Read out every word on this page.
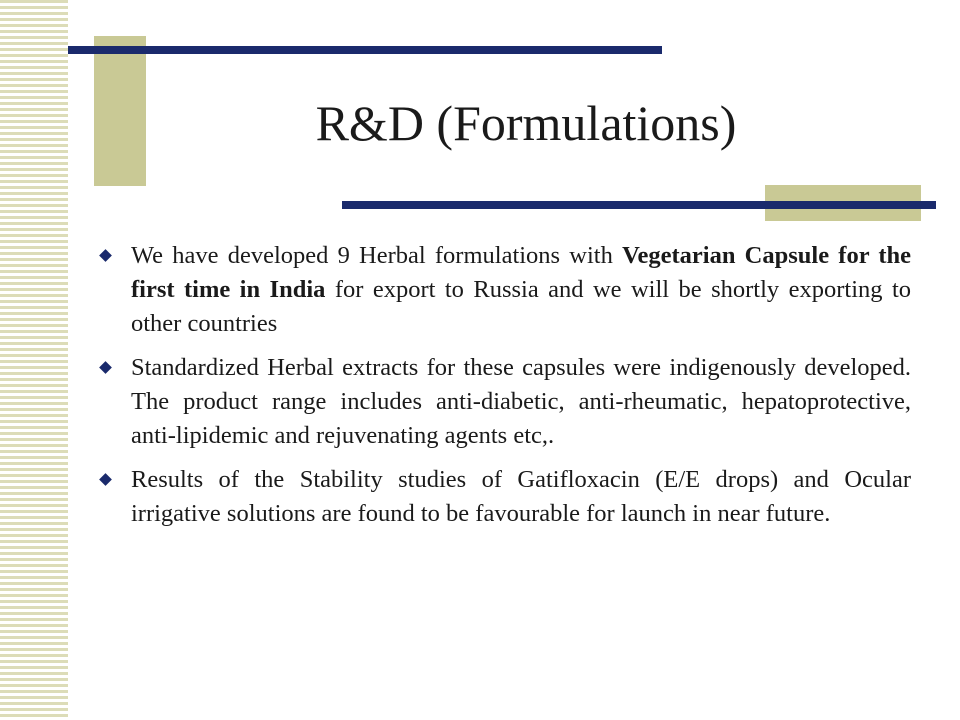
R&D (Formulations)
We have developed 9 Herbal formulations with Vegetarian Capsule for the first time in India for export to Russia and we will be shortly exporting to other countries
Standardized Herbal extracts for these capsules were indigenously developed. The product range includes anti-diabetic, anti-rheumatic, hepatoprotective, anti-lipidemic and rejuvenating agents etc,.
Results of the Stability studies of Gatifloxacin (E/E drops) and Ocular irrigative solutions are found to be favourable for launch in near future.
